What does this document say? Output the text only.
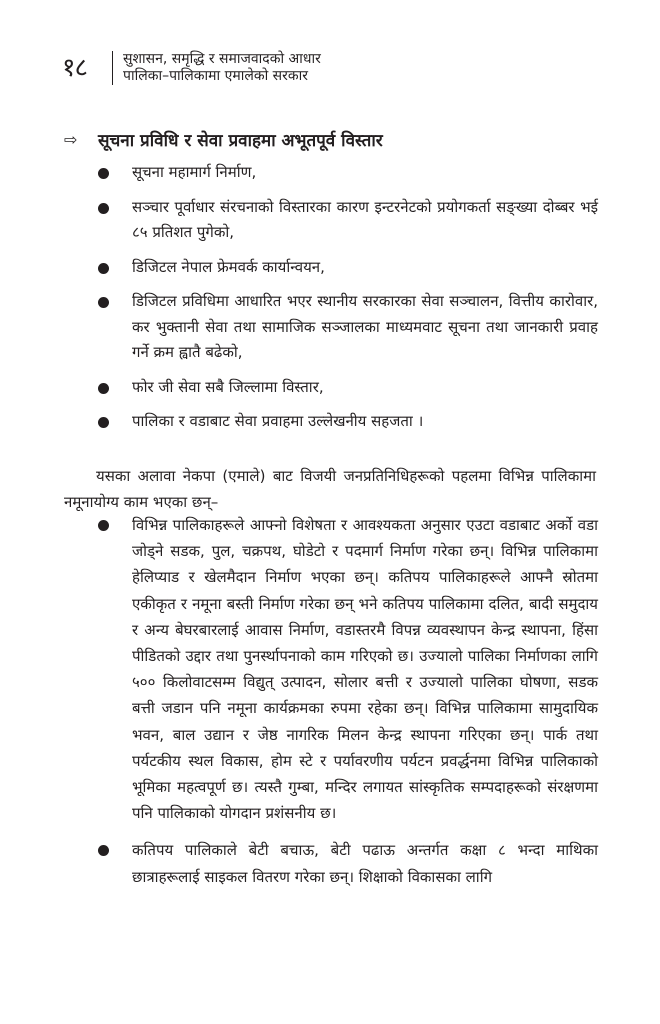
१८	सुशासन, समृद्धि र समाजवादको आधार
पालिका–पालिकामा एमालेको सरकार
⇨	सूचना प्रविधि र सेवा प्रवाहमा अभूतपूर्व विस्तार
सूचना महामार्ग निर्माण,
सञ्चार पूर्वाधार संरचनाको विस्तारका कारण इन्टरनेटको प्रयोगकर्ता सङ्ख्या दोब्बर भई ८५ प्रतिशत पुगेको,
डिजिटल नेपाल फ्रेमवर्क कार्यान्वयन,
डिजिटल प्रविधिमा आधारित भएर स्थानीय सरकारका सेवा सञ्चालन, वित्तीय कारोवार, कर भुक्तानी सेवा तथा सामाजिक सञ्जालका माध्यमवाट सूचना तथा जानकारी प्रवाह गर्ने क्रम ह्वातै बढेको,
फोर जी सेवा सबै जिल्लामा विस्तार,
पालिका र वडाबाट सेवा प्रवाहमा उल्लेखनीय सहजता ।

यसका अलावा नेकपा (एमाले) बाट विजयी जनप्रतिनिधिहरूको पहलमा विभिन्न पालिकामा नमूनायोग्य काम भएका छन्–

विभिन्न पालिकाहरूले आफ्नो विशेषता र आवश्यकता अनुसार एउटा वडाबाट अर्को वडा जोड्ने सडक, पुल, चक्रपथ, घोडेटो र पदमार्ग निर्माण गरेका छन्। विभिन्न पालिकामा हेलिप्याड र खेलमैदान निर्माण भएका छन्। कतिपय पालिकाहरूले आफ्नै स्रोतमा एकीकृत र नमूना बस्ती निर्माण गरेका छन् भने कतिपय पालिकामा दलित, बादी समुदाय र अन्य बेघरबारलाई आवास निर्माण, वडास्तरमै विपन्न व्यवस्थापन केन्द्र स्थापना, हिंसा पीडितको उद्दार तथा पुनर्स्थापनाको काम गरिएको छ। उज्यालो पालिका निर्माणका लागि ५०० किलोवाटसम्म विद्युत् उत्पादन, सोलार बत्ती र उज्यालो पालिका घोषणा, सडक बत्ती जडान पनि नमूना कार्यक्रमका रुपमा रहेका छन्। विभिन्न पालिकामा सामुदायिक भवन, बाल उद्यान र जेष्ठ नागरिक मिलन केन्द्र स्थापना गरिएका छन्। पार्क तथा पर्यटकीय स्थल विकास, होम स्टे र पर्यावरणीय पर्यटन प्रवर्द्धनमा विभिन्न पालिकाको भूमिका महत्वपूर्ण छ। त्यस्तै गुम्बा, मन्दिर लगायत सांस्कृतिक सम्पदाहरूको संरक्षणमा पनि पालिकाको योगदान प्रशंसनीय छ।
कतिपय पालिकाले बेटी बचाऊ, बेटी पढाऊ अन्तर्गत कक्षा ८ भन्दा माथिका छात्राहरूलाई साइकल वितरण गरेका छन्। शिक्षाको विकासका लागि
